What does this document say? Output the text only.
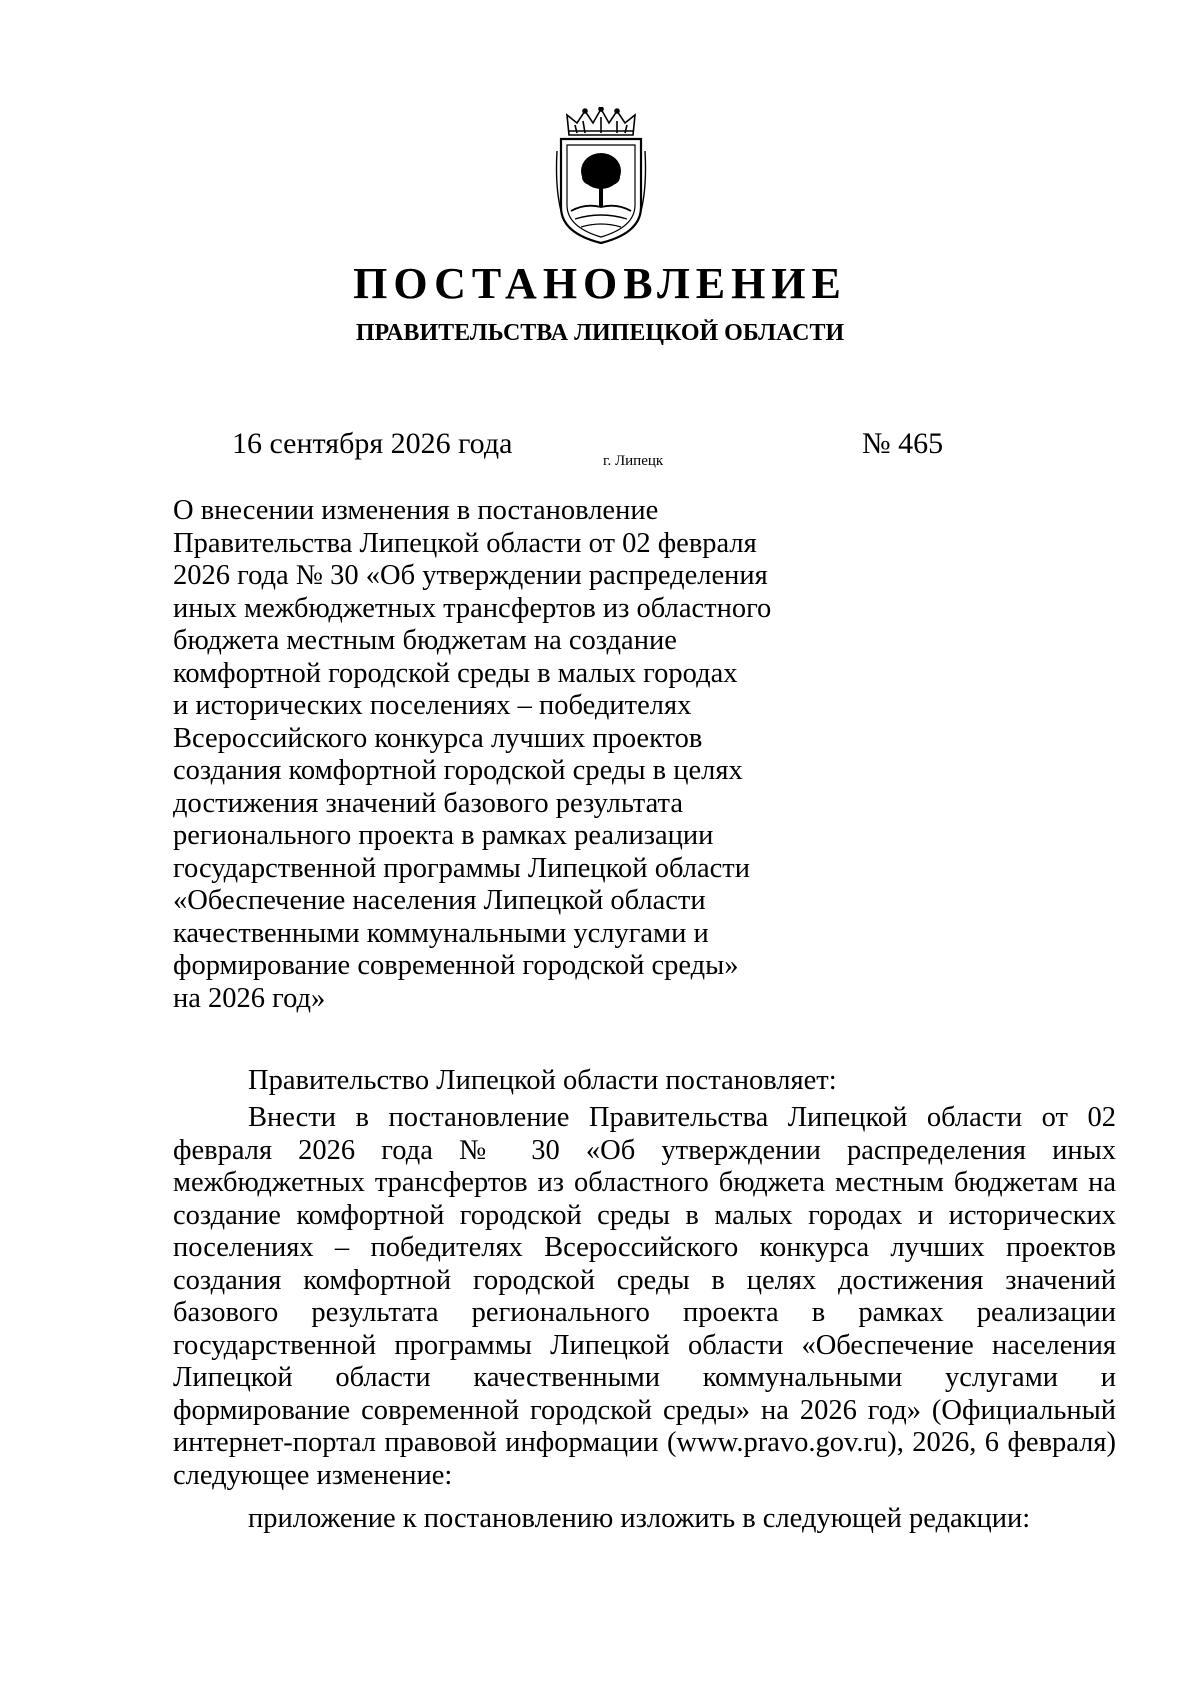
ПОСТАНОВЛЕНИЕ
ПРАВИТЕЛЬСТВА ЛИПЕЦКОЙ ОБЛАСТИ
16 сентября 2026 года
г. Липецк
№ 465
О внесении изменения в постановление
Правительства Липецкой области от 02 февраля
2026 года № 30 «Об утверждении распределения
иных межбюджетных трансфертов из областного
бюджета местным бюджетам на создание
комфортной городской среды в малых городах
и исторических поселениях – победителях
Всероссийского конкурса лучших проектов
создания комфортной городской среды в целях
достижения значений базового результата
регионального проекта в рамках реализации
государственной программы Липецкой области
«Обеспечение населения Липецкой области
качественными коммунальными услугами и
формирование современной городской среды»
на 2026 год»

Правительство Липецкой области постановляет:

Внести в постановление Правительства Липецкой области от 02
февраля 2026 года № 30 «Об утверждении распределения иных
межбюджетных трансфертов из областного бюджета местным бюджетам на
создание комфортной городской среды в малых городах и исторических
поселениях – победителях Всероссийского конкурса лучших проектов
создания комфортной городской среды в целях достижения значений
базового результата регионального проекта в рамках реализации
государственной программы Липецкой области «Обеспечение населения
Липецкой области качественными коммунальными услугами и
формирование современной городской среды» на 2026 год» (Официальный
интернет-портал правовой информации (www.pravo.gov.ru), 2026, 6 февраля)
следующее изменение:

приложение к постановлению изложить в следующей редакции:
